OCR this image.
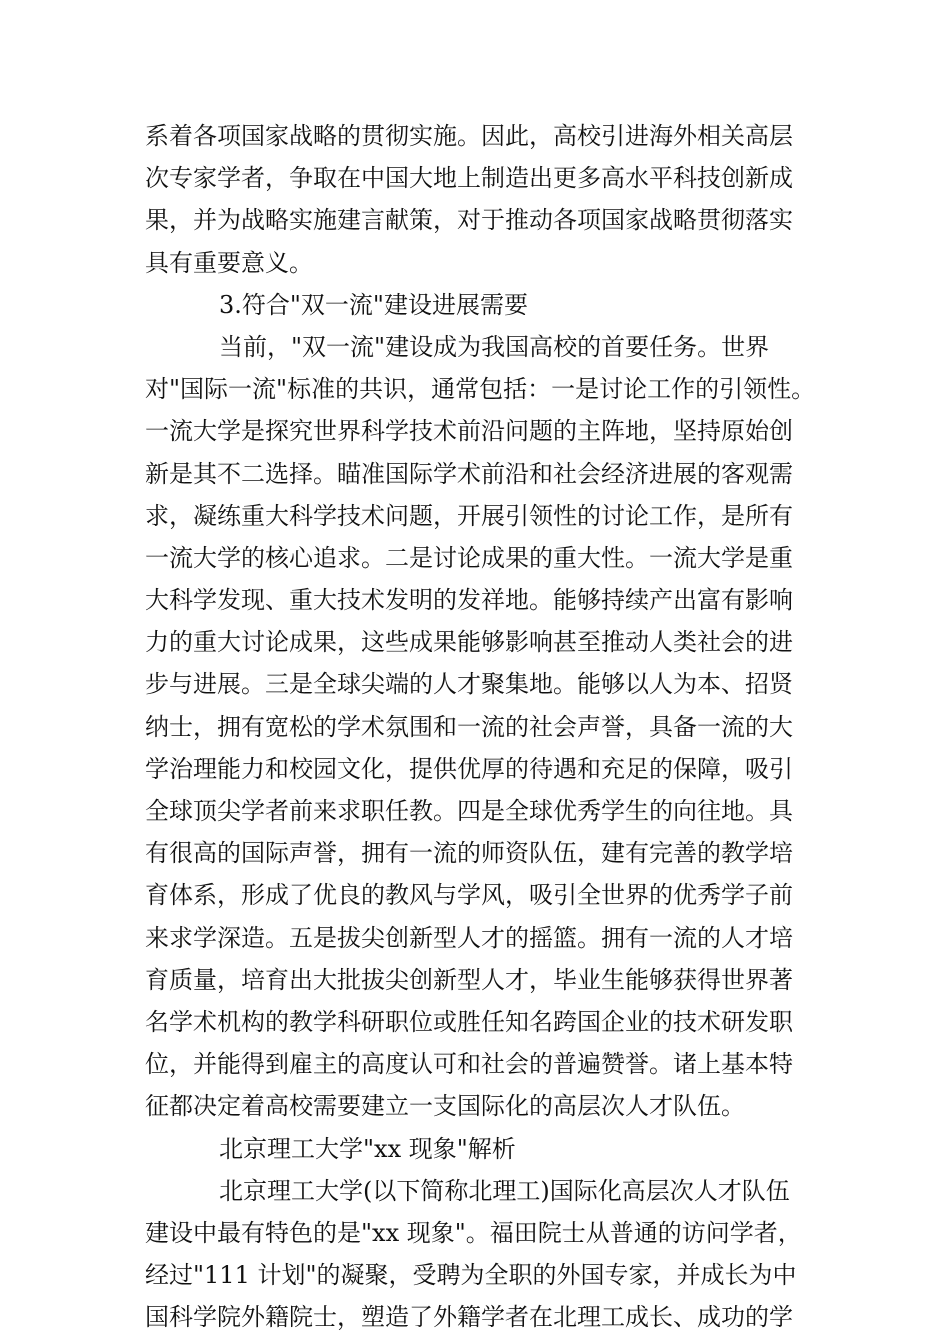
系着各项国家战略的贯彻实施。因此，高校引进海外相关高层
次专家学者，争取在中国大地上制造出更多高水平科技创新成
果，并为战略实施建言献策，对于推动各项国家战略贯彻落实
具有重要意义。
3.符合"双一流"建设进展需要
当前，"双一流"建设成为我国高校的首要任务。世界
对"国际一流"标准的共识，通常包括：一是讨论工作的引领性。
一流大学是探究世界科学技术前沿问题的主阵地，坚持原始创
新是其不二选择。瞄准国际学术前沿和社会经济进展的客观需
求，凝练重大科学技术问题，开展引领性的讨论工作，是所有
一流大学的核心追求。二是讨论成果的重大性。一流大学是重
大科学发现、重大技术发明的发祥地。能够持续产出富有影响
力的重大讨论成果，这些成果能够影响甚至推动人类社会的进
步与进展。三是全球尖端的人才聚集地。能够以人为本、招贤
纳士，拥有宽松的学术氛围和一流的社会声誉，具备一流的大
学治理能力和校园文化，提供优厚的待遇和充足的保障，吸引
全球顶尖学者前来求职任教。四是全球优秀学生的向往地。具
有很高的国际声誉，拥有一流的师资队伍，建有完善的教学培
育体系，形成了优良的教风与学风，吸引全世界的优秀学子前
来求学深造。五是拔尖创新型人才的摇篮。拥有一流的人才培
育质量，培育出大批拔尖创新型人才，毕业生能够获得世界著
名学术机构的教学科研职位或胜任知名跨国企业的技术研发职
位，并能得到雇主的高度认可和社会的普遍赞誉。诸上基本特
征都决定着高校需要建立一支国际化的高层次人才队伍。
北京理工大学"xx 现象"解析
北京理工大学(以下简称北理工)国际化高层次人才队伍
建设中最有特色的是"xx 现象"。福田院士从普通的访问学者，
经过"111 计划"的凝聚，受聘为全职的外国专家，并成长为中
国科学院外籍院士，塑造了外籍学者在北理工成长、成功的学
